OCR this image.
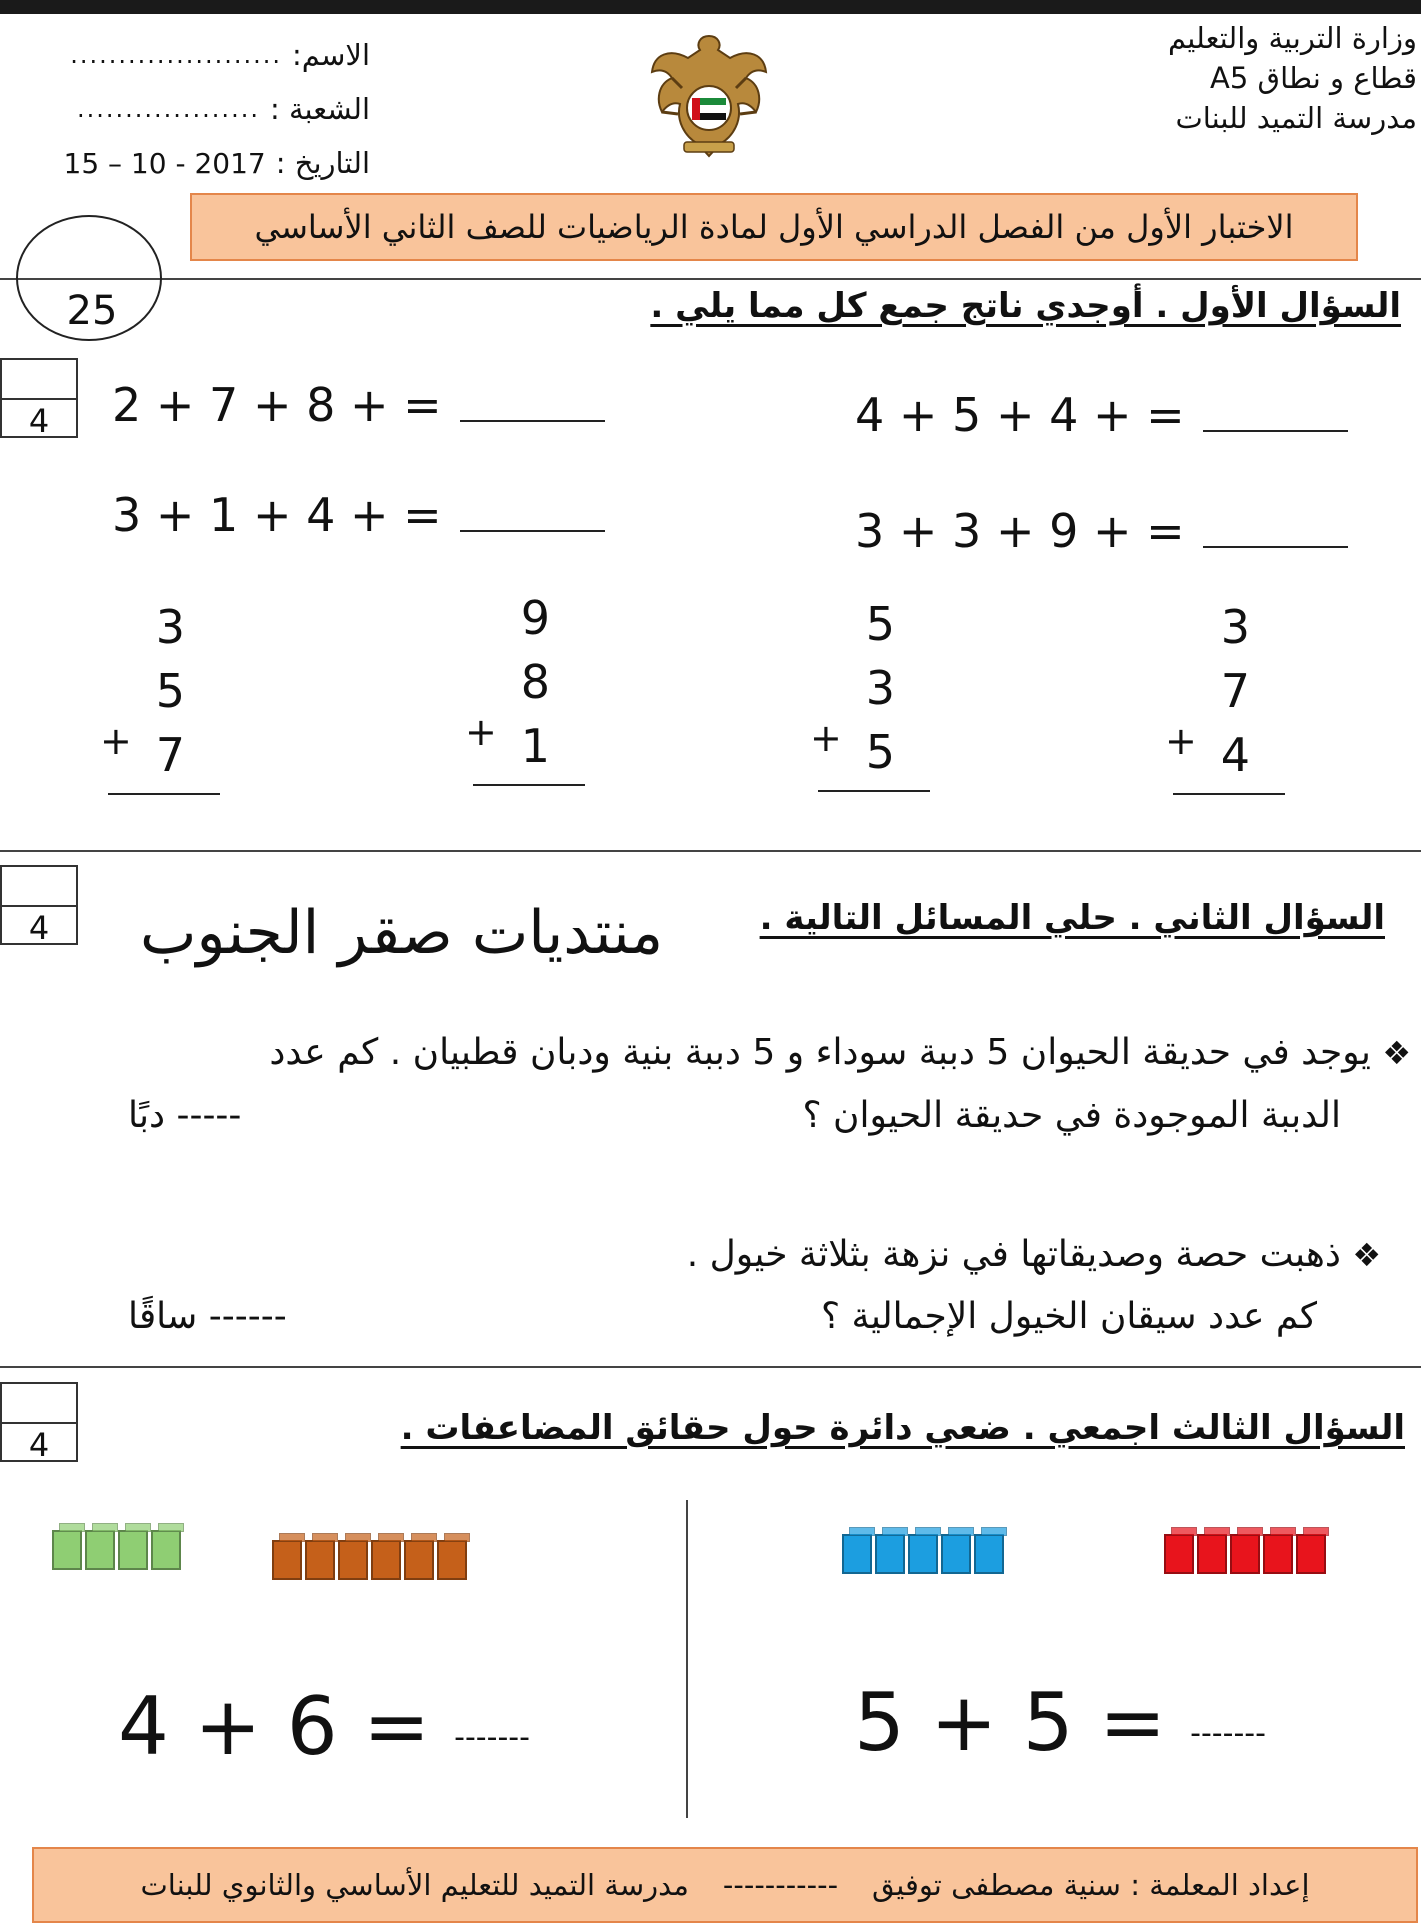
وزارة التربية والتعليم
قطاع و نطاق A5
مدرسة التميد للبنات
...................... الاسم:
................... الشعبة :
15 – 10 - 2017 التاريخ :
الاختبار الأول من الفصل الدراسي الأول لمادة الرياضيات للصف الثاني الأساسي
25	السؤال الأول . أوجدي ناتج جمع كل مما يلي .
4	2 + 7 + 8 + =	4 + 5 + 4 + =
3 + 1 + 4 + =	3 + 3 + 9 + =
3
5
+ 7
9
8
+ 1
5
3
+ 5
3
7
+ 4
4	السؤال الثاني . حلي المسائل التالية .
منتديات صقر الجنوب
❖ يوجد في حديقة الحيوان 5 دببة سوداء و 5 دببة بنية ودبان قطبيان . كم عدد
الدببة الموجودة في حديقة الحيوان ؟
----- دبًا
❖ ذهبت حصة وصديقاتها في نزهة بثلاثة خيول .
كم عدد سيقان الخيول الإجمالية ؟
------ ساقًا
4	السؤال الثالث اجمعي . ضعي دائرة حول حقائق المضاعفات .
4 + 6 = -------	5 + 5 = -------
إعداد المعلمة : سنية مصطفى توفيق
-----------
مدرسة التميد للتعليم الأساسي والثانوي للبنات
